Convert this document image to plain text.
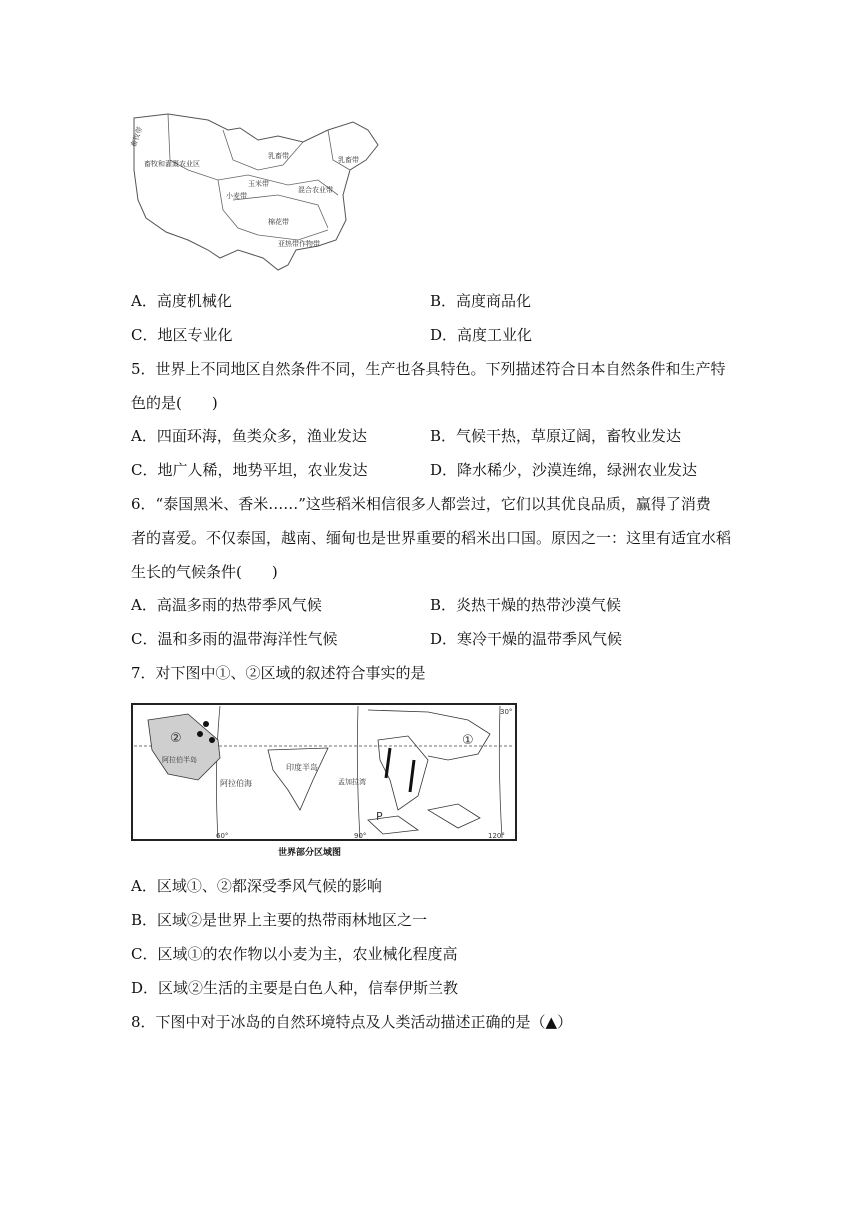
畜牧和灌溉农业区
乳畜带
玉米带
小麦带
混合农业带
棉花带
亚热带作物带
畜牧带
乳畜带
A．高度机械化	B．高度商品化
C．地区专业化	D．高度工业化
5．世界上不同地区自然条件不同，生产也各具特色。下列描述符合日本自然条件和生产特
色的是(　　)
A．四面环海，鱼类众多，渔业发达	B．气候干热，草原辽阔，畜牧业发达
C．地广人稀，地势平坦，农业发达	D．降水稀少，沙漠连绵，绿洲农业发达
6．“泰国黑米、香米……”这些稻米相信很多人都尝过，它们以其优良品质，赢得了消费
者的喜爱。不仅泰国，越南、缅甸也是世界重要的稻米出口国。原因之一：这里有适宜水稻
生长的气候条件(　　)
A．高温多雨的热带季风气候	B．炎热干燥的热带沙漠气候
C．温和多雨的温带海洋性气候	D．寒冷干燥的温带季风气候
7．对下图中①、②区域的叙述符合事实的是
②	①
阿拉伯半岛
阿拉伯海
印度半岛
孟加拉湾
P
60°	90°	120°
30°
世界部分区域图
A．区域①、②都深受季风气候的影响
B．区域②是世界上主要的热带雨林地区之一
C．区域①的农作物以小麦为主，农业械化程度高
D．区域②生活的主要是白色人种，信奉伊斯兰教
8．下图中对于冰岛的自然环境特点及人类活动描述正确的是（▲）
